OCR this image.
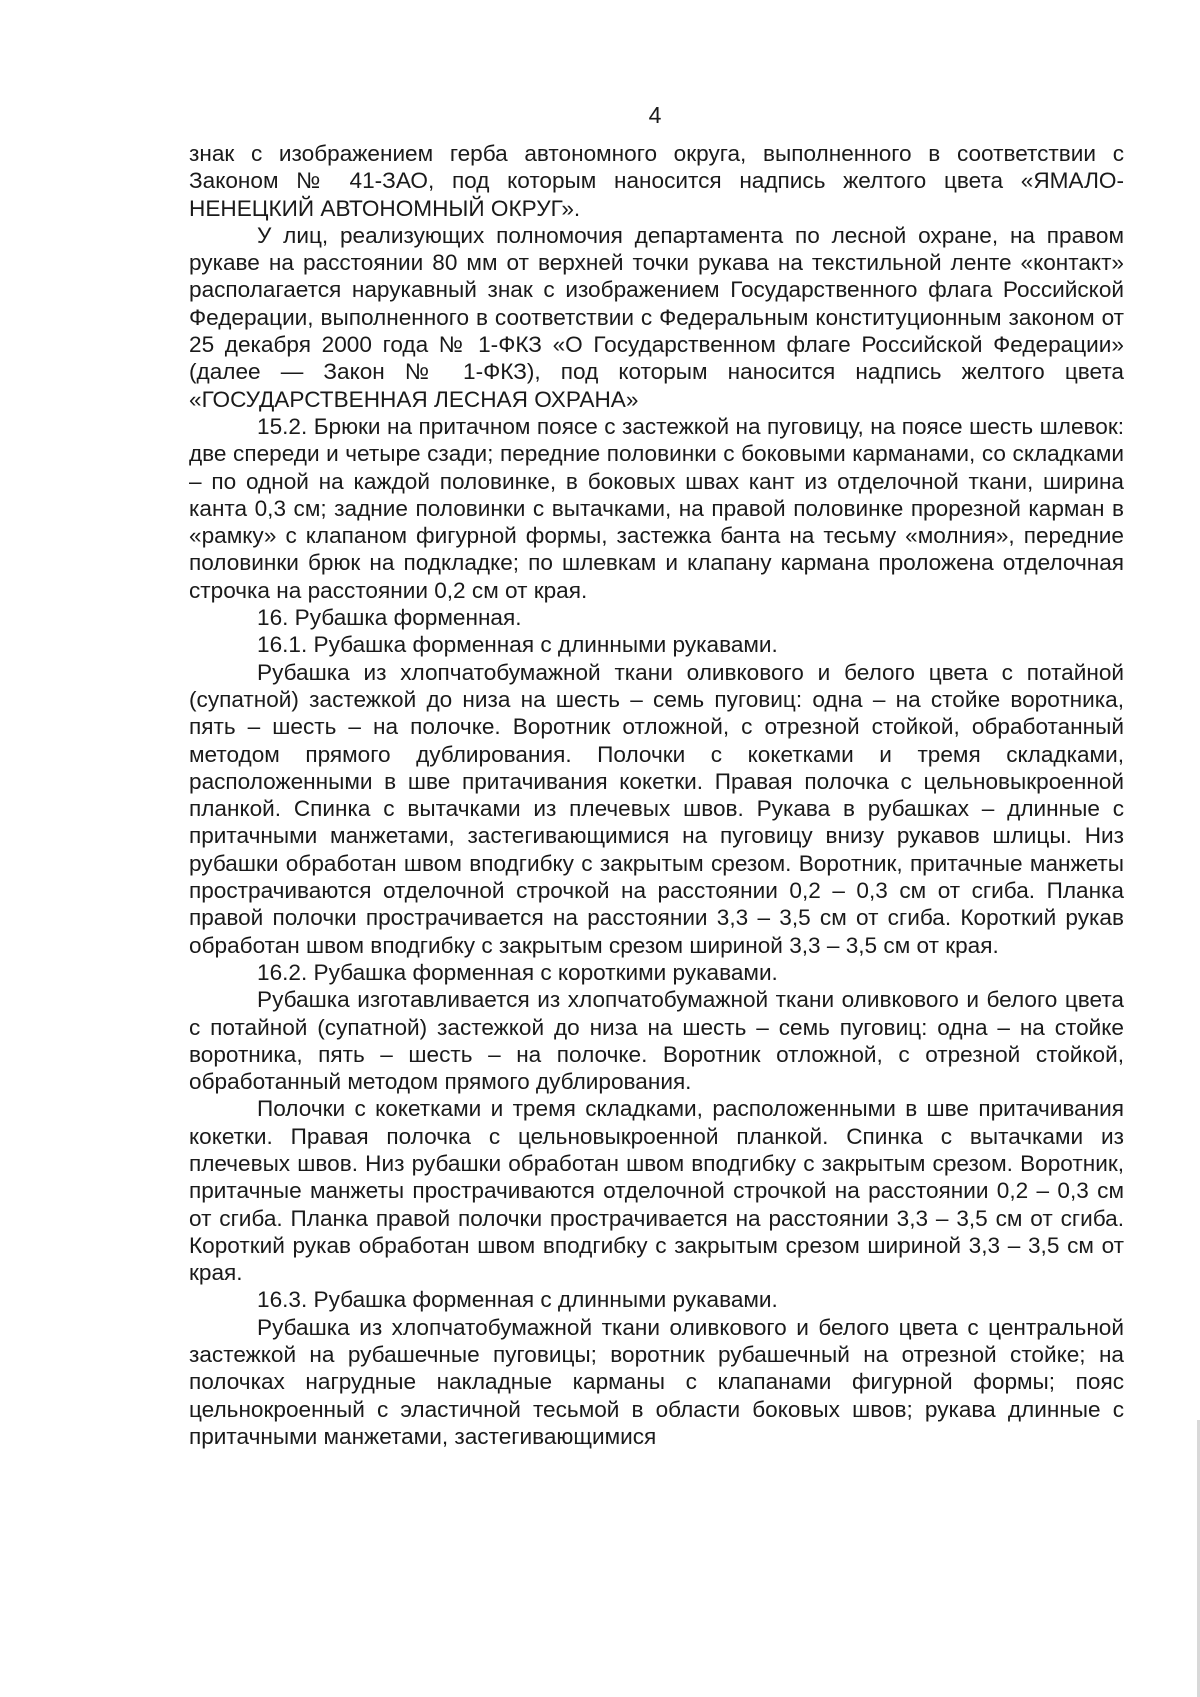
4

знак с изображением герба автономного округа, выполненного в соответствии с Законом № 41-ЗАО, под которым наносится надпись желтого цвета «ЯМАЛО-НЕНЕЦКИЙ АВТОНОМНЫЙ ОКРУГ».

У лиц, реализующих полномочия департамента по лесной охране, на правом рукаве на расстоянии 80 мм от верхней точки рукава на текстильной ленте «контакт» располагается нарукавный знак с изображением Государственного флага Российской Федерации, выполненного в соответствии с Федеральным конституционным законом от 25 декабря 2000 года № 1-ФКЗ «О Государственном флаге Российской Федерации» (далее — Закон № 1-ФКЗ), под которым наносится надпись желтого цвета «ГОСУДАРСТВЕННАЯ ЛЕСНАЯ ОХРАНА»

15.2. Брюки на притачном поясе с застежкой на пуговицу, на поясе шесть шлевок: две спереди и четыре сзади; передние половинки с боковыми карманами, со складками – по одной на каждой половинке, в боковых швах кант из отделочной ткани, ширина канта 0,3 см; задние половинки с вытачками, на правой половинке прорезной карман в «рамку» с клапаном фигурной формы, застежка банта на тесьму «молния», передние половинки брюк на подкладке; по шлевкам и клапану кармана проложена отделочная строчка на расстоянии 0,2 см от края.

16. Рубашка форменная.

16.1. Рубашка форменная с длинными рукавами.

Рубашка из хлопчатобумажной ткани оливкового и белого цвета с потайной (супатной) застежкой до низа на шесть – семь пуговиц: одна – на стойке воротника, пять – шесть – на полочке. Воротник отложной, с отрезной стойкой, обработанный методом прямого дублирования. Полочки с кокетками и тремя складками, расположенными в шве притачивания кокетки. Правая полочка с цельновыкроенной планкой. Спинка с вытачками из плечевых швов. Рукава в рубашках – длинные с притачными манжетами, застегивающимися на пуговицу внизу рукавов шлицы. Низ рубашки обработан швом вподгибку с закрытым срезом. Воротник, притачные манжеты прострачиваются отделочной строчкой на расстоянии 0,2 – 0,3 см от сгиба. Планка правой полочки прострачивается на расстоянии 3,3 – 3,5 см от сгиба. Короткий рукав обработан швом вподгибку с закрытым срезом шириной 3,3 – 3,5 см от края.

16.2. Рубашка форменная с короткими рукавами.

Рубашка изготавливается из хлопчатобумажной ткани оливкового и белого цвета с потайной (супатной) застежкой до низа на шесть – семь пуговиц: одна – на стойке воротника, пять – шесть – на полочке. Воротник отложной, с отрезной стойкой, обработанный методом прямого дублирования.

Полочки с кокетками и тремя складками, расположенными в шве притачивания кокетки. Правая полочка с цельновыкроенной планкой. Спинка с вытачками из плечевых швов. Низ рубашки обработан швом вподгибку с закрытым срезом. Воротник, притачные манжеты прострачиваются отделочной строчкой на расстоянии 0,2 – 0,3 см от сгиба. Планка правой полочки прострачивается на расстоянии 3,3 – 3,5 см от сгиба. Короткий рукав обработан швом вподгибку с закрытым срезом шириной 3,3 – 3,5 см от края.

16.3. Рубашка форменная с длинными рукавами.

Рубашка из хлопчатобумажной ткани оливкового и белого цвета с центральной застежкой на рубашечные пуговицы; воротник рубашечный на отрезной стойке; на полочках нагрудные накладные карманы с клапанами фигурной формы; пояс цельнокроенный с эластичной тесьмой в области боковых швов; рукава длинные с притачными манжетами, застегивающимися
